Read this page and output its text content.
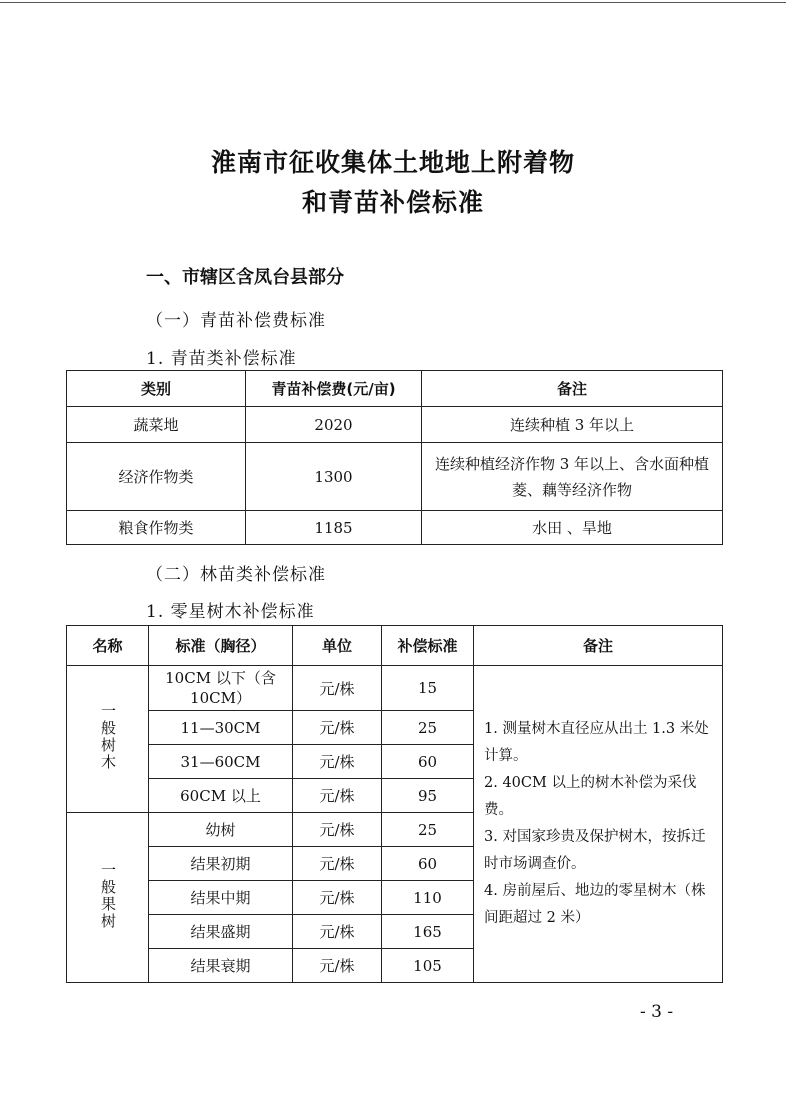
淮南市征收集体土地地上附着物
和青苗补偿标准
一、市辖区含凤台县部分
（一）青苗补偿费标准
1. 青苗类补偿标准
类别	青苗补偿费(元/亩)	备注
蔬菜地	2020	连续种植 3 年以上
经济作物类	1300	连续种植经济作物 3 年以上、含水面种植菱、藕等经济作物
粮食作物类	1185	水田 、旱地
（二）林苗类补偿标准
1. 零星树木补偿标准
名称	标准（胸径）	单位	补偿标准	备注
一般树木	10CM 以下（含 10CM）	元/株	15	1. 测量树木直径应从出土 1.3 米处计算。
2. 40CM 以上的树木补偿为采伐费。
3. 对国家珍贵及保护树木，按拆迁时市场调查价。
4. 房前屋后、地边的零星树木（株间距超过 2 米）

	11—30CM	元/株	25	
	31—60CM	元/株	60	
	60CM 以上	元/株	95	
一般果树	幼树	元/株	25	
	结果初期	元/株	60	
	结果中期	元/株	110	
	结果盛期	元/株	165	
	结果衰期	元/株	105	
- 3 -
